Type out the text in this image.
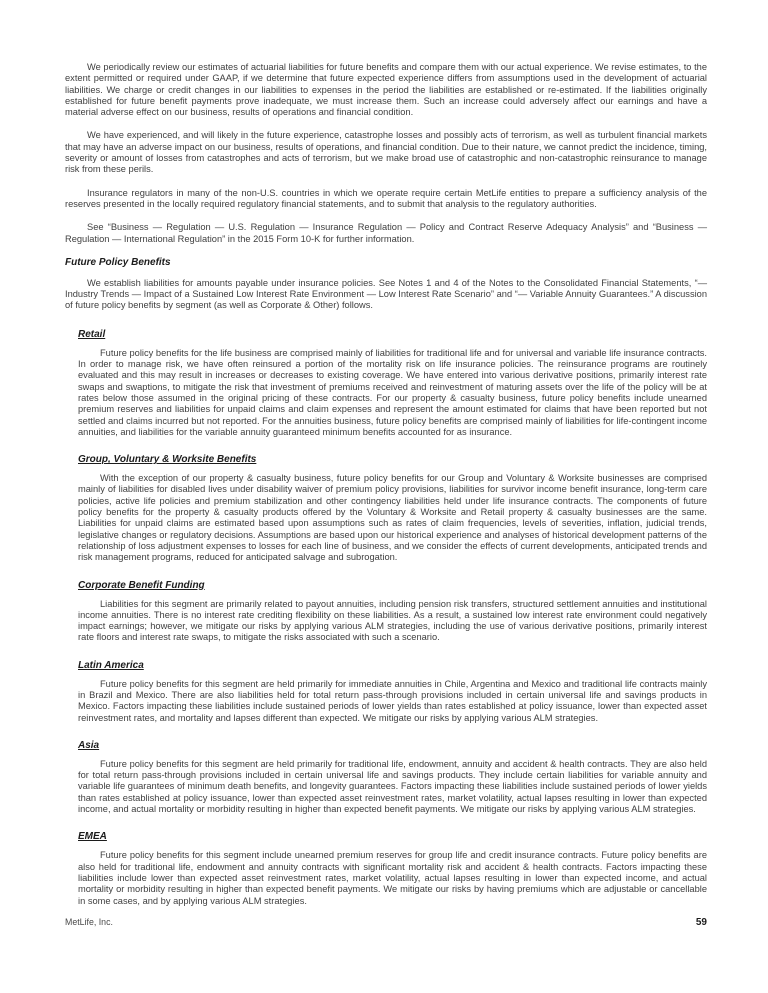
We periodically review our estimates of actuarial liabilities for future benefits and compare them with our actual experience. We revise estimates, to the extent permitted or required under GAAP, if we determine that future expected experience differs from assumptions used in the development of actuarial liabilities. We charge or credit changes in our liabilities to expenses in the period the liabilities are established or re-estimated. If the liabilities originally established for future benefit payments prove inadequate, we must increase them. Such an increase could adversely affect our earnings and have a material adverse effect on our business, results of operations and financial condition.

We have experienced, and will likely in the future experience, catastrophe losses and possibly acts of terrorism, as well as turbulent financial markets that may have an adverse impact on our business, results of operations, and financial condition. Due to their nature, we cannot predict the incidence, timing, severity or amount of losses from catastrophes and acts of terrorism, but we make broad use of catastrophic and non-catastrophic reinsurance to manage risk from these perils.

Insurance regulators in many of the non-U.S. countries in which we operate require certain MetLife entities to prepare a sufficiency analysis of the reserves presented in the locally required regulatory financial statements, and to submit that analysis to the regulatory authorities.

See “Business — Regulation — U.S. Regulation — Insurance Regulation — Policy and Contract Reserve Adequacy Analysis” and “Business — Regulation — International Regulation” in the 2015 Form 10-K for further information.

Future Policy Benefits

We establish liabilities for amounts payable under insurance policies. See Notes 1 and 4 of the Notes to the Consolidated Financial Statements, “— Industry Trends — Impact of a Sustained Low Interest Rate Environment — Low Interest Rate Scenario” and “— Variable Annuity Guarantees.” A discussion of future policy benefits by segment (as well as Corporate & Other) follows.

Retail

Future policy benefits for the life business are comprised mainly of liabilities for traditional life and for universal and variable life insurance contracts. In order to manage risk, we have often reinsured a portion of the mortality risk on life insurance policies. The reinsurance programs are routinely evaluated and this may result in increases or decreases to existing coverage. We have entered into various derivative positions, primarily interest rate swaps and swaptions, to mitigate the risk that investment of premiums received and reinvestment of maturing assets over the life of the policy will be at rates below those assumed in the original pricing of these contracts. For our property & casualty business, future policy benefits include unearned premium reserves and liabilities for unpaid claims and claim expenses and represent the amount estimated for claims that have been reported but not settled and claims incurred but not reported. For the annuities business, future policy benefits are comprised mainly of liabilities for life-contingent income annuities, and liabilities for the variable annuity guaranteed minimum benefits accounted for as insurance.

Group, Voluntary & Worksite Benefits

With the exception of our property & casualty business, future policy benefits for our Group and Voluntary & Worksite businesses are comprised mainly of liabilities for disabled lives under disability waiver of premium policy provisions, liabilities for survivor income benefit insurance, long-term care policies, active life policies and premium stabilization and other contingency liabilities held under life insurance contracts. The components of future policy benefits for the property & casualty products offered by the Voluntary & Worksite and Retail property & casualty businesses are the same. Liabilities for unpaid claims are estimated based upon assumptions such as rates of claim frequencies, levels of severities, inflation, judicial trends, legislative changes or regulatory decisions. Assumptions are based upon our historical experience and analyses of historical development patterns of the relationship of loss adjustment expenses to losses for each line of business, and we consider the effects of current developments, anticipated trends and risk management programs, reduced for anticipated salvage and subrogation.

Corporate Benefit Funding

Liabilities for this segment are primarily related to payout annuities, including pension risk transfers, structured settlement annuities and institutional income annuities. There is no interest rate crediting flexibility on these liabilities. As a result, a sustained low interest rate environment could negatively impact earnings; however, we mitigate our risks by applying various ALM strategies, including the use of various derivative positions, primarily interest rate floors and interest rate swaps, to mitigate the risks associated with such a scenario.

Latin America

Future policy benefits for this segment are held primarily for immediate annuities in Chile, Argentina and Mexico and traditional life contracts mainly in Brazil and Mexico. There are also liabilities held for total return pass-through provisions included in certain universal life and savings products in Mexico. Factors impacting these liabilities include sustained periods of lower yields than rates established at policy issuance, lower than expected asset reinvestment rates, and mortality and lapses different than expected. We mitigate our risks by applying various ALM strategies.

Asia

Future policy benefits for this segment are held primarily for traditional life, endowment, annuity and accident & health contracts. They are also held for total return pass-through provisions included in certain universal life and savings products. They include certain liabilities for variable annuity and variable life guarantees of minimum death benefits, and longevity guarantees. Factors impacting these liabilities include sustained periods of lower yields than rates established at policy issuance, lower than expected asset reinvestment rates, market volatility, actual lapses resulting in lower than expected income, and actual mortality or morbidity resulting in higher than expected benefit payments. We mitigate our risks by applying various ALM strategies.

EMEA

Future policy benefits for this segment include unearned premium reserves for group life and credit insurance contracts. Future policy benefits are also held for traditional life, endowment and annuity contracts with significant mortality risk and accident & health contracts. Factors impacting these liabilities include lower than expected asset reinvestment rates, market volatility, actual lapses resulting in lower than expected income, and actual mortality or morbidity resulting in higher than expected benefit payments. We mitigate our risks by having premiums which are adjustable or cancellable in some cases, and by applying various ALM strategies.

MetLife, Inc.	59
